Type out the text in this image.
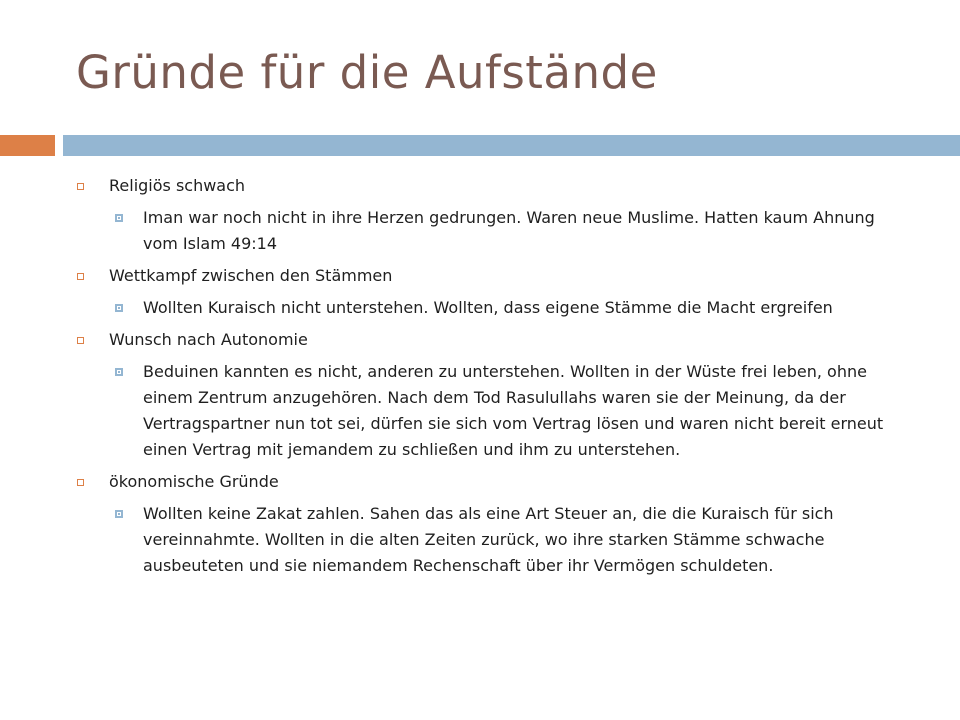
Gründe für die Aufstände
Religiös schwach
Iman war noch nicht in ihre Herzen gedrungen. Waren neue Muslime. Hatten kaum Ahnung vom Islam 49:14
Wettkampf zwischen den Stämmen
Wollten Kuraisch nicht unterstehen. Wollten, dass eigene Stämme die Macht ergreifen
Wunsch nach Autonomie
Beduinen kannten es nicht, anderen zu unterstehen. Wollten in der Wüste frei leben, ohne einem Zentrum anzugehören. Nach dem Tod Rasulullahs waren sie der Meinung, da der Vertragspartner nun tot sei, dürfen sie sich vom Vertrag lösen und waren nicht bereit erneut einen Vertrag mit jemandem zu schließen und ihm zu unterstehen.
ökonomische Gründe
Wollten keine Zakat zahlen. Sahen das als eine Art Steuer an, die die Kuraisch für sich vereinnahmte. Wollten in die alten Zeiten zurück, wo ihre starken Stämme schwache ausbeuteten und sie niemandem Rechenschaft über ihr Vermögen schuldeten.
